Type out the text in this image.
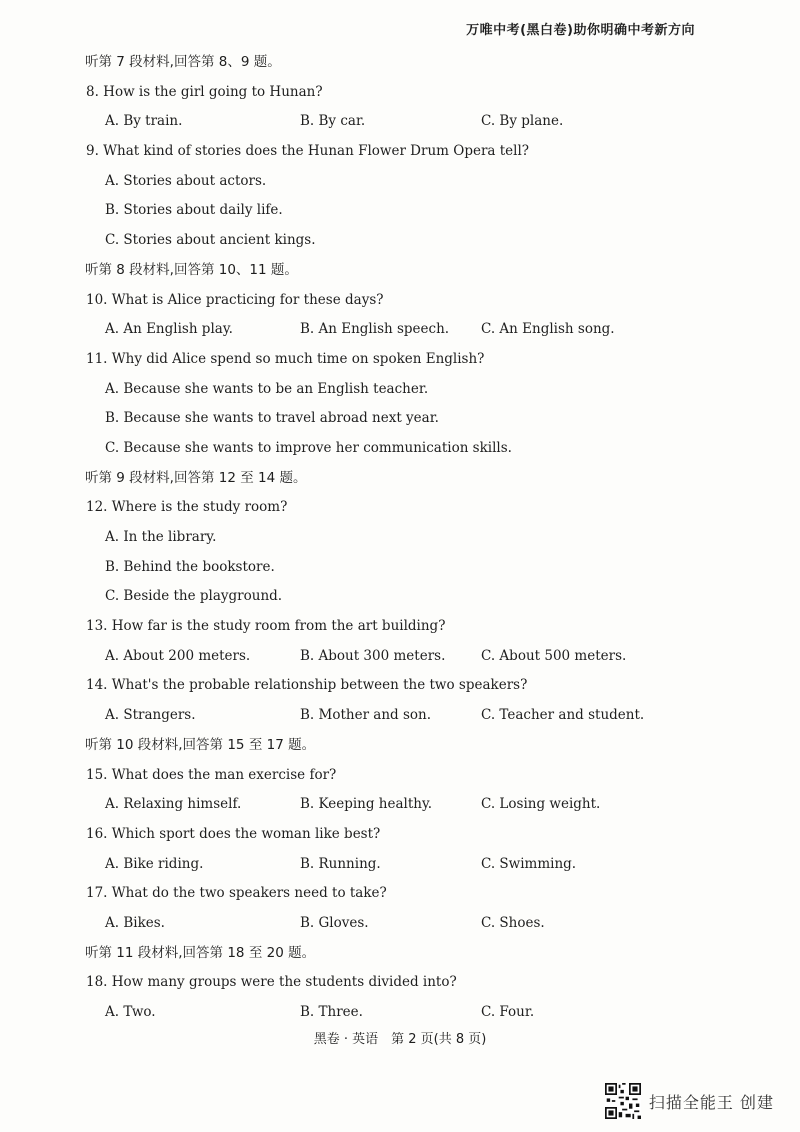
万唯中考(黑白卷)助你明确中考新方向
听第 7 段材料,回答第 8、9 题。
8. How is the girl going to Hunan?
A. By train.	B. By car.	C. By plane.
9. What kind of stories does the Hunan Flower Drum Opera tell?
A. Stories about actors.
B. Stories about daily life.
C. Stories about ancient kings.
听第 8 段材料,回答第 10、11 题。
10. What is Alice practicing for these days?
A. An English play.	B. An English speech. C. An English song.
11. Why did Alice spend so much time on spoken English?
A. Because she wants to be an English teacher.
B. Because she wants to travel abroad next year.
C. Because she wants to improve her communication skills.
听第 9 段材料,回答第 12 至 14 题。
12. Where is the study room?
A. In the library.
B. Behind the bookstore.
C. Beside the playground.
13. How far is the study room from the art building?
A. About 200 meters.	B. About 300 meters.	C. About 500 meters.
14. What's the probable relationship between the two speakers?
A. Strangers.	B. Mother and son.	C. Teacher and student.
听第 10 段材料,回答第 15 至 17 题。
15. What does the man exercise for?
A. Relaxing himself.	B. Keeping healthy.	C. Losing weight.
16. Which sport does the woman like best?
A. Bike riding.	B. Running.	C. Swimming.
17. What do the two speakers need to take?
A. Bikes.	B. Gloves.	C. Shoes.
听第 11 段材料,回答第 18 至 20 题。
18. How many groups were the students divided into?
A. Two.	B. Three.	C. Four.
黑卷 · 英语　第 2 页(共 8 页)
扫描全能王 创建
